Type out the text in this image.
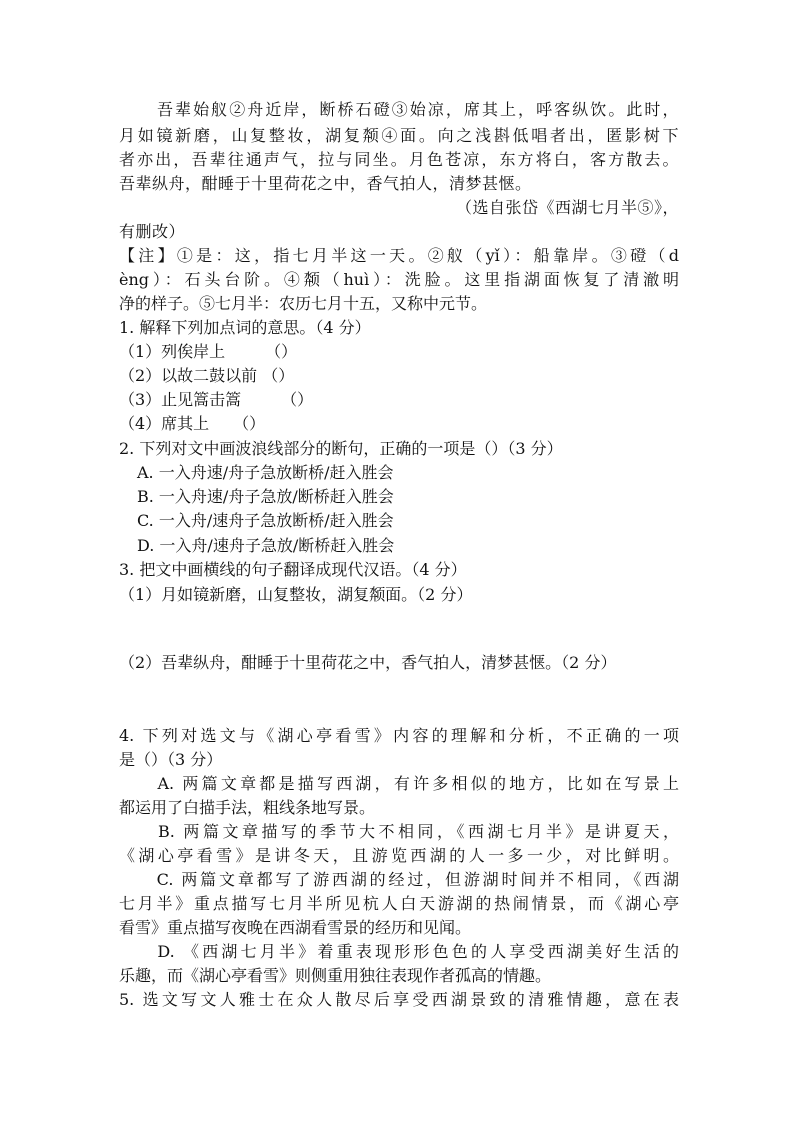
吾辈始舣②舟近岸，断桥石磴③始凉，席其上，呼客纵饮。此时，
月如镜新磨，山复整妆，湖复颒④面。向之浅斟低唱者出，匿影树下
者亦出，吾辈往通声气，拉与同坐。月色苍凉，东方将白，客方散去。
吾辈纵舟，酣睡于十里荷花之中，香气拍人，清梦甚惬。
（选自张岱《西湖七月半⑤》，
有删改）
【注】①是：这，指七月半这一天。②舣（yǐ）：船靠岸。③磴（d
èng）：石头台阶。④颒（huì）：洗脸。这里指湖面恢复了清澈明
净的样子。⑤七月半：农历七月十五，又称中元节。
1. 解释下列加点词的意思。（4 分）
（1）列俟岸上　　　（）
（2）以故二鼓以前 （）
（3）止见篙击篙　　　（）
（4）席其上　　（）
2. 下列对文中画波浪线部分的断句，正确的一项是（）（3 分）
A. 一入舟速/舟子急放断桥/赶入胜会
B. 一入舟速/舟子急放/断桥赶入胜会
C. 一入舟/速舟子急放断桥/赶入胜会
D. 一入舟/速舟子急放/断桥赶入胜会
3. 把文中画横线的句子翻译成现代汉语。（4 分）
（1）月如镜新磨，山复整妆，湖复颒面。（2 分）
（2）吾辈纵舟，酣睡于十里荷花之中，香气拍人，清梦甚惬。（2 分）
4. 下列对选文与《湖心亭看雪》内容的理解和分析，不正确的一项
是（）（3 分）
　　A. 两篇文章都是描写西湖，有许多相似的地方，比如在写景上
都运用了白描手法，粗线条地写景。
　　B. 两篇文章描写的季节大不相同，《西湖七月半》是讲夏天，
《湖心亭看雪》是讲冬天，且游览西湖的人一多一少，对比鲜明。
　　C. 两篇文章都写了游西湖的经过，但游湖时间并不相同，《西湖
七月半》重点描写七月半所见杭人白天游湖的热闹情景，而《湖心亭
看雪》重点描写夜晚在西湖看雪景的经历和见闻。
　　D. 《西湖七月半》着重表现形形色色的人享受西湖美好生活的
乐趣，而《湖心亭看雪》则侧重用独往表现作者孤高的情趣。
5. 选文写文人雅士在众人散尽后享受西湖景致的清雅情趣，意在表
